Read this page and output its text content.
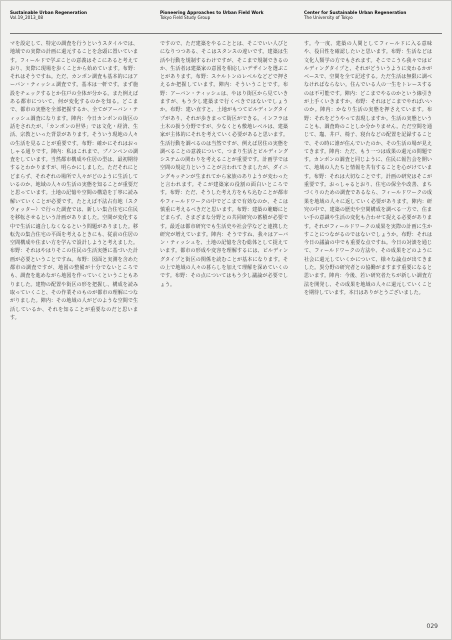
Sustainable Urban Regeneration
Vol.19_2013_08
Pioneering Approaches to Urban Field Work
Tokyo Field Study Group
Center for Sustainable Urban Regeneration
The University of Tokyo

マを設定して、特定の調査を行うというスタイルでは、地域での実際の計画に還元することを念頭に置いています。フィールドで学ぶことの意義はそこにあると考えており、実際に現場を歩くことから始めています。布野：それはそうですね。ただ、カンボン調査も基本的にはアーバン・ティッシュ調査です。基本は一軒です。まず施設をチェックするとか住戸の全体が分かる。また例えばある都市について、何が変化するのかを知る。どこまで、都市の実態を全部把握するか、全てがアーバン・ティッシュ調査になります。陣内：今日カンボンの街区の話をされたが、「カンボンの世界」では文化・経済、生活、宗教といった背景があります。そういう現地の人々の生活を見ることが重要です。布野：確かにそれはおっしゃる通りです。陣内：私はこれまで、ブノンペンの調査をしています。当然都市構成や住居の型は、最初期待するとわかりますが、明らかにしました。ただそれにとどまらず、それぞれの場所で人々がどのように生活しているのか、地域の人々の生活の実態を知ることが重要だと思っています。土地の記憶や空間の構造を丁寧に読み解いていくことが必要です。たとえば不法占有地（スクウォッター）で行った調査では、新しい集合住宅に住民を移転させるという計画がありました。空間が変化する中で生活に適合しなくなるという問題がありました。移転先の集合住宅の平面を考えるときにも、従前の住居の空間構成や住まい方を学んで設計しようと考えました。布野：それはやはりそこの住民の生活実態に基づいた計画が必要ということですね。布野：図面と実測を含めた都市の調査ですが、地図の整備が十分でないところでも、調査を進めながら地図を作っていくということもありました。建物の配置や街区の形を把握し、構成を読み取っていくこと、その作業そのものが都市の理解につながりました。陣内：その地域の人がどのような空間で生活しているか、それを知ることが重要なのだと思います。

ですので、ただ建築をやることとは、そこでいい人びとになりつつある、そこはスタンスの違いです。建築は生活や行動を規制するわけですが、そこまで規制できるのか、生活者は建築家の意図を相応しいデザインを選ぶことがあります。布野：スケルトンのレベルなどどで押さえるか把握しています。陣内：そういうことです。布野：アーバン・ティッシュは、やはり街区から見ていきますが、もう少し建築まで行くべきではないでしょうか。布野：建い直すと、土地がもつてビルディングタイプがあり、それが歩きまって街区ができる。インフラは土木の扱う分野ですが、少なくとも敷地レベルは、建築家が主体的にそれを考えていく必要があると思います。生活行動を調べるのは当然ですが、例えば居住の実態を調べることの意義について、つまり生活とビルディングシステムの関わりを考えることが重要です。計画学では空間の規定力ということが言われてきましたが、ダイニングキッチンが生まれてから家族のありようが変わったと言われます。そこが建築家の役割の面白いところです。布野：ただ、そうした考え方をもち込むことが都市やフィールドワークの中でどこまで有効なのか、そこは慎重に考えるべきだと思います。布野：建築の範疇にとどまらず、さまざまな分野との共同研究の蓄積が必要です。最近は都市研究でも生活史や社会学などと連携した研究が増えています。陣内：そうですね、我々はアーバン・ティッシュを、土地の記憶を含む総体として捉えています。都市の形成や変容を理解するには、ビルディングタイプと街区の関係を読むことが基本になります。その上で地域の人々の暮らしを加えて理解を深めていくのです。布野：その点についてはもう少し議論が必要でしょう。

す。今一度、建築の人間としてフィールドに入る意味や、役目性を確認したいと思います。布野：生活などは文化人類学の方でもされます。そこでこうち我々ではビルディングタイプと、それがどういうように変わるかがベースで、空間を全て記述する。ただ生活は無限に調べなければならない。住んでいる人の一生をトレースするのは不可能です。陣内：どこまでやるのかという線引きが上手くいきますか。布野：それはどこまでやればいいのか。陣内：かなり生活の実態を押さえています。布野：それをどうやって表現しますか。生活の実態ということも、調査時のことしか分かりません。ただ空間を通じて、竈、井戸、椅子、寝台などの配置を記録することで、その時に誰が住んでいたのか、その生活の場が見えてきます。陣内：ただ、もう一つは成果の還元の問題です。カンボンの調査と同じように、住民に報告会を開いて、地域の人たちと情報を共有することを心がけています。布野：それは大切なことです。計画の研究はそこが重要です。おっしゃるとおり、住宅の保全や改善、まちづくりのための調査であるなら、フィールドワークの成果を地域の人々に返していく必要があります。陣内：研究の中で、建築の歴史や空間構成を調べる一方で、住まい手の意識や生活の変化も合わせて捉える必要があります。それがフィールドワークの成果を実際の計画に生かすことにつながるのではないでしょうか。布野：それは今日の議論の中でも重要な点ですね。今日の対談を通じて、フィールドワークの方法や、その成果をどのように社会に還元していくかについて、様々な論点が出てきました。異分野の研究者との協働がますます重要になると思います。陣内：今後、若い研究者たちが新しい調査方法を開発し、その成果を地域の人々に還元していくことを期待しています。本日はありがとうございました。

029
